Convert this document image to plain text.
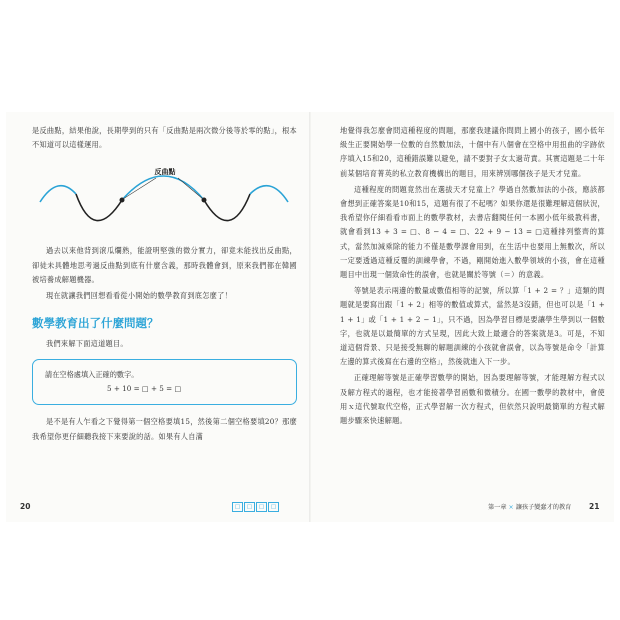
是反曲點，結果他說，長期學到的只有「反曲點是兩次微分後等於零的點」，根本不知道可以這樣運用。

反曲點

過去以來他背到滾瓜爛熟，能證明堅強的微分實力，卻竟未能找出反曲點，卻徒未具體地思考過反曲點到底有什麼含義，那時我體會到，原來我們都在韓國被培養成解題機器。

現在就讓我們回想看看從小開始的數學教育到底怎麼了！

數學教育出了什麼問題？

我們來解下面這道題目。

請在空格處填入正確的數字。
5 + 10 = □ + 5 = □

是不是有人乍看之下覺得第一個空格要填15，然後第二個空格要填20？那麼我希望你更仔細聽我接下來要說的話。如果有人自滿

地覺得我怎麼會問這種程度的問題，那麼我建議你問問上國小的孩子，國小低年級生正要開始學一位數的自然數加法，十個中有八個會在空格中用扭曲的字跡依序填入15和20，這種錯誤難以避免，請不要對子女太過苛責。其實這題是二十年前某個培育菁英的私立教育機構出的題目，用來辨別哪個孩子是天才兒童。

這種程度的問題竟然出在選拔天才兒童上？學過自然數加法的小孩，應該都會想到正確答案是10和15，這題有很了不起嗎？如果你還是很難理解這個狀況，我希望你仔細看看市面上的數學教材，去書店翻閱任何一本國小低年級教科書，就會看到13 + 3 = □、8 − 4 = □、22 + 9 − 13 = □這種排列整齊的算式，當然加減乘除的能力不僅是數學課會用到，在生活中也要用上無數次，所以一定要透過這種反覆的訓練學會，不過，剛開始進入數學領域的小孩，會在這種題目中出現一個致命性的誤會，也就是關於等號（＝）的意義。

等號是表示兩邊的數量或數值相等的記號，所以算「1 + 2 = ？」這類的問題就是要寫出跟「1 + 2」相等的數值或算式，當然是3沒錯，但也可以是「1 + 1 + 1」或「1 + 1 + 2 − 1」，只不過，因為學習目標是要讓學生學到以一個數字，也就是以最簡單的方式呈現，因此大致上最適合的答案就是3。可是，不知道這個背景、只是接受無聊的解題訓練的小孩就會誤會，以為等號是命令「計算左邊的算式後寫在右邊的空格」，然後就進入下一步。

正確理解等號是正確學習數學的開始，因為要理解等號，才能理解方程式以及解方程式的過程，也才能接著學習函數和微積分。在國一數學的教材中，會使用ｘ這代號取代空格，正式學習解一次方程式，但依然只說明最簡單的方程式解題步驟來快速解題。

20	□	□	□	□	第一章 × 讓孩子變蠢才的教育 21
